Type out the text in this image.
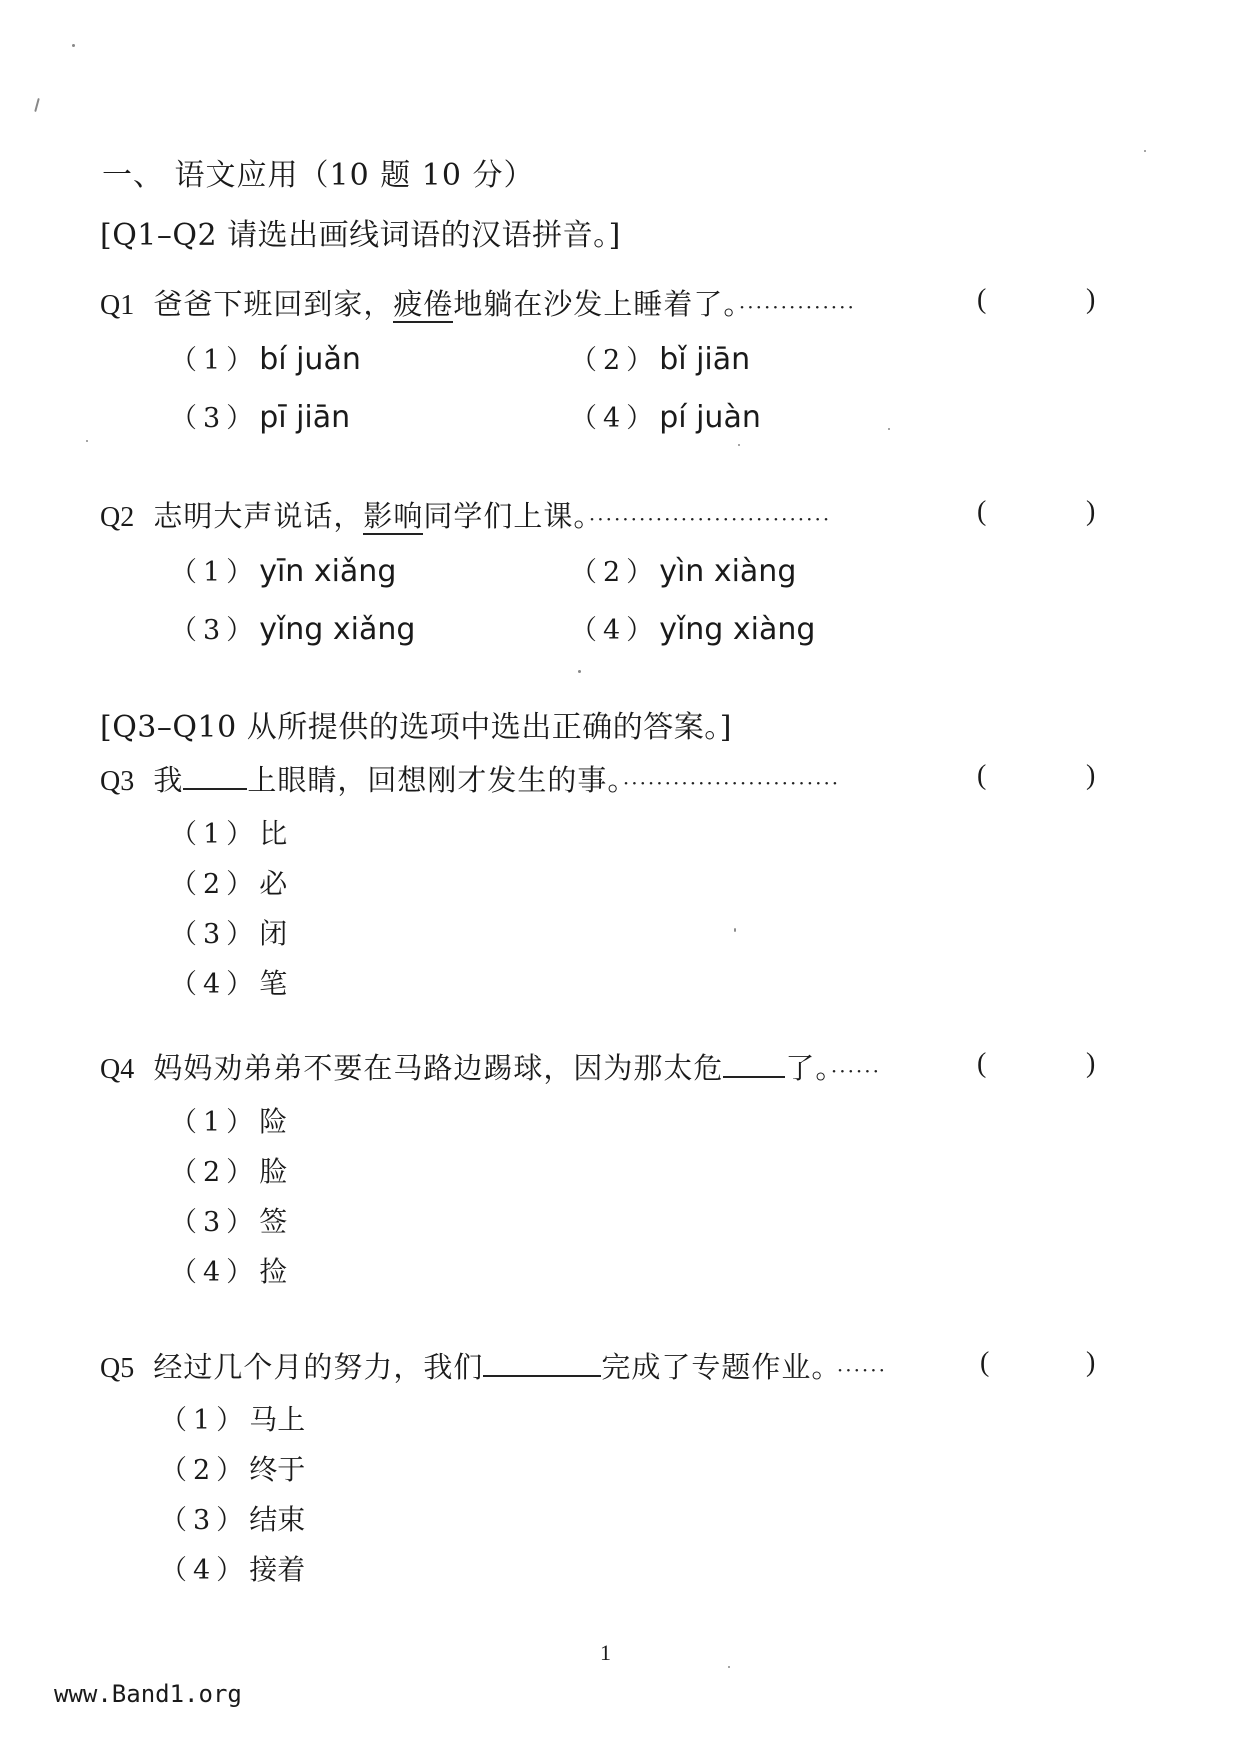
一、 语文应用（10 题 10 分）
[Q1–Q2 请选出画线词语的汉语拼音。]
Q1 爸爸下班回到家，疲倦地躺在沙发上睡着了。··············	(	)
（1）bí juǎn	（2）bǐ jiān
（3）pī jiān	（4）pí juàn
Q2 志明大声说话，影响同学们上课。·····························	(	)
（1）yīn xiǎng	（2）yìn xiàng
（3）yǐng xiǎng	（4）yǐng xiàng
[Q3–Q10 从所提供的选项中选出正确的答案。]
Q3 我 上眼睛，回想刚才发生的事。··························	(	)
（1）比
（2）必
（3）闭
（4）笔
Q4 妈妈劝弟弟不要在马路边踢球，因为那太危 了。······	(	)
（1）险
（2）脸
（3）签
（4）捡
Q5 经过几个月的努力，我们	完成了专题作业。 ······	(	)
（1）马上
（2）终于
（3）结束
（4）接着
1
www.Band1.org
